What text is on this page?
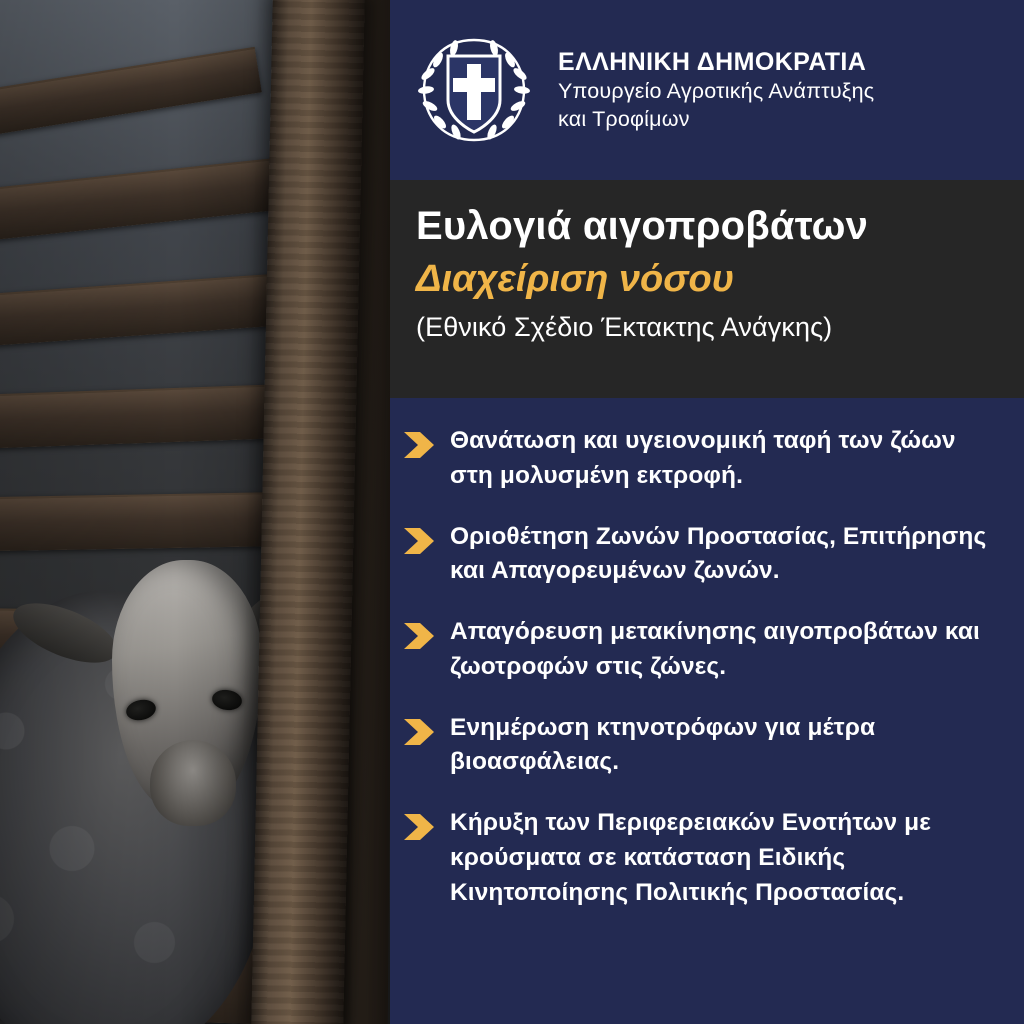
ΕΛΛΗΝΙΚΗ ΔΗΜΟΚΡΑΤΙΑ
Υπουργείο Αγροτικής Ανάπτυξης
και Τροφίμων
Ευλογιά αιγοπροβάτων
Διαχείριση νόσου
(Εθνικό Σχέδιο Έκτακτης Ανάγκης)
Θανάτωση και υγειονομική ταφή των ζώων στη μολυσμένη εκτροφή.
Οριοθέτηση Ζωνών Προστασίας, Επιτήρησης και Απαγορευμένων ζωνών.
Απαγόρευση μετακίνησης αιγοπροβάτων και ζωοτροφών στις ζώνες.
Ενημέρωση κτηνοτρόφων για μέτρα βιοασφάλειας.
Κήρυξη των Περιφερειακών Ενοτήτων με κρούσματα σε κατάσταση Ειδικής Κινητοποίησης Πολιτικής Προστασίας.
